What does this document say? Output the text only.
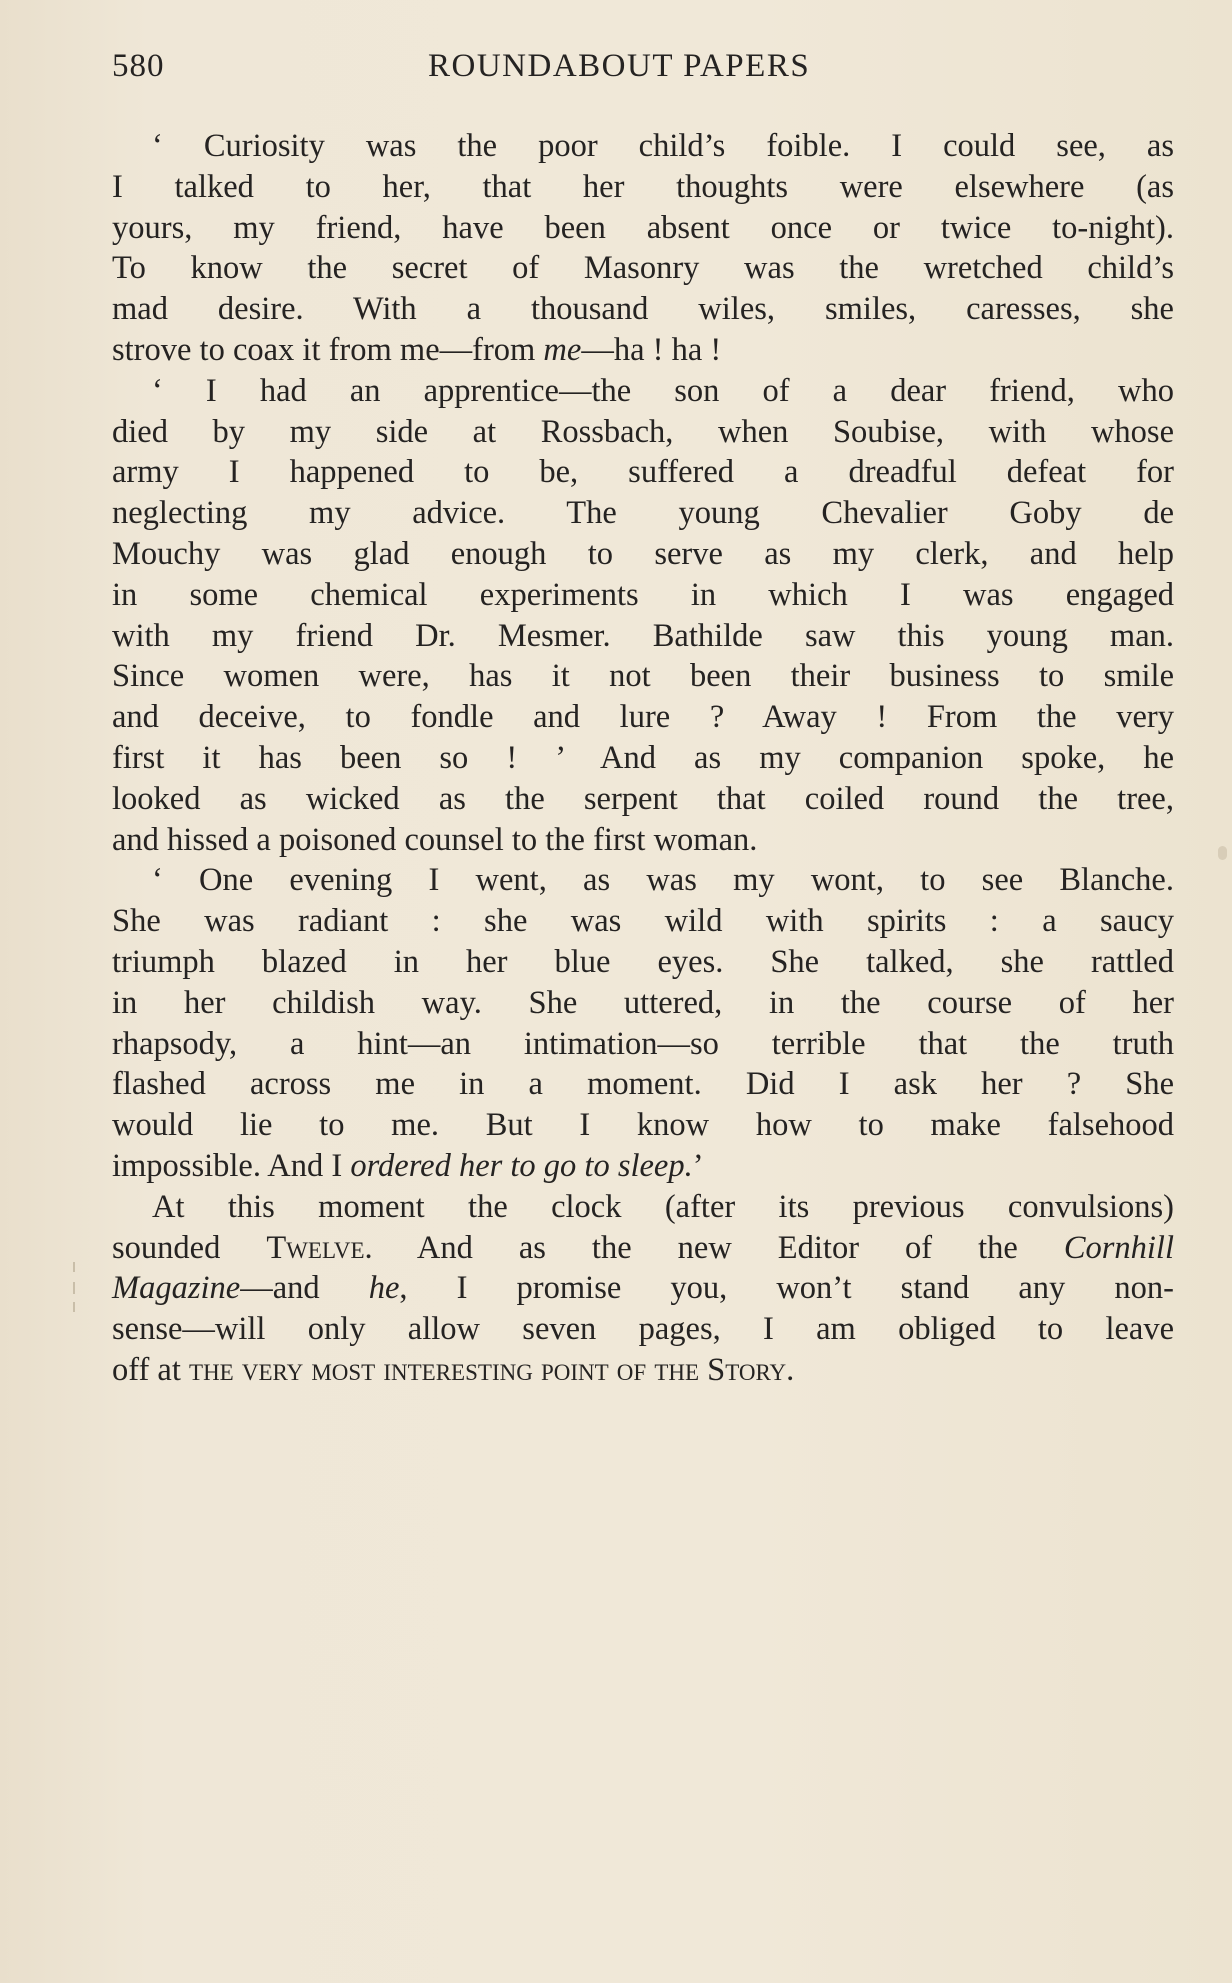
580	ROUNDABOUT PAPERS
‘ Curiosity was the poor child’s foible. I could see, as
I talked to her, that her thoughts were elsewhere (as
yours, my friend, have been absent once or twice to-night).
To know the secret of Masonry was the wretched child’s
mad desire. With a thousand wiles, smiles, caresses, she
strove to coax it from me—from me—ha ! ha !
‘ I had an apprentice—the son of a dear friend, who
died by my side at Rossbach, when Soubise, with whose
army I happened to be, suffered a dreadful defeat for
neglecting my advice. The young Chevalier Goby de
Mouchy was glad enough to serve as my clerk, and help
in some chemical experiments in which I was engaged
with my friend Dr. Mesmer. Bathilde saw this young man.
Since women were, has it not been their business to smile
and deceive, to fondle and lure ? Away ! From the very
first it has been so ! ’ And as my companion spoke, he
looked as wicked as the serpent that coiled round the tree,
and hissed a poisoned counsel to the first woman.
‘ One evening I went, as was my wont, to see Blanche.
She was radiant : she was wild with spirits : a saucy
triumph blazed in her blue eyes. She talked, she rattled
in her childish way. She uttered, in the course of her
rhapsody, a hint—an intimation—so terrible that the truth
flashed across me in a moment. Did I ask her ? She
would lie to me. But I know how to make falsehood
impossible. And I ordered her to go to sleep.’
At this moment the clock (after its previous convulsions)
sounded Twelve. And as the new Editor of the Cornhill
Magazine—and he, I promise you, won’t stand any non-
sense—will only allow seven pages, I am obliged to leave
off at the very most interesting point of the Story.
